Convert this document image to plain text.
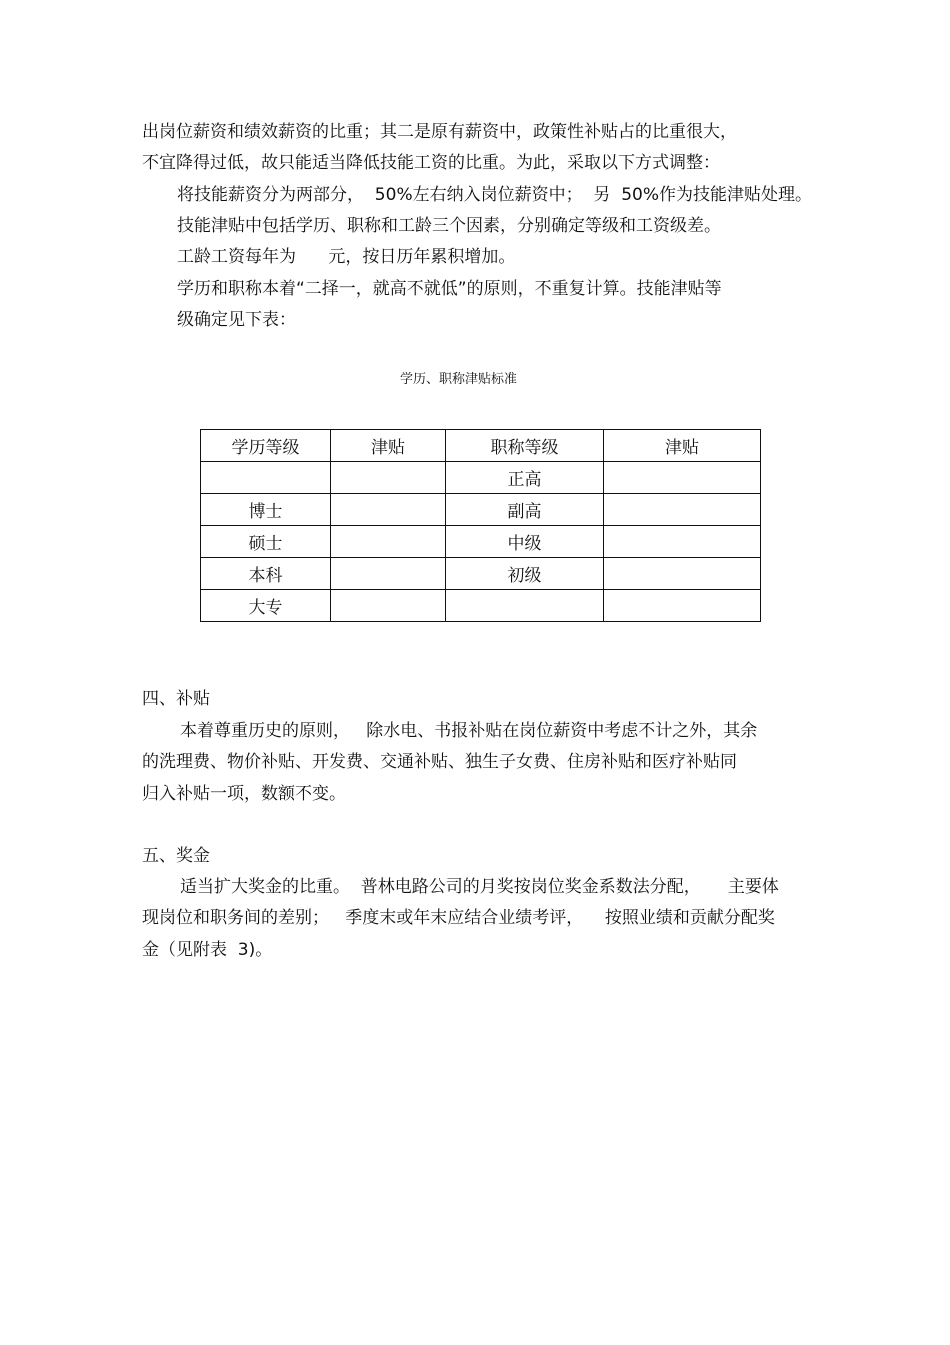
出岗位薪资和绩效薪资的比重；其二是原有薪资中，政策性补贴占的比重很大，
不宜降得过低，故只能适当降低技能工资的比重。为此，采取以下方式调整：
将技能薪资分为两部分，  50%左右纳入岗位薪资中；  另  50%作为技能津贴处理。
技能津贴中包括学历、职称和工龄三个因素，分别确定等级和工资级差。
工龄工资每年为      元，按日历年累积增加。
学历和职称本着“二择一，就高不就低”的原则，不重复计算。技能津贴等
级确定见下表：
学历、职称津贴标准
学历等级	津贴	职称等级	津贴
		正高	
博士		副高	
硕士		中级	
本科		初级	
大专			
四、补贴
本着尊重历史的原则，   除水电、书报补贴在岗位薪资中考虑不计之外，其余
的洗理费、物价补贴、开发费、交通补贴、独生子女费、住房补贴和医疗补贴同
归入补贴一项，数额不变。
五、奖金
适当扩大奖金的比重。  普林电路公司的月奖按岗位奖金系数法分配，     主要体
现岗位和职务间的差别；   季度末或年末应结合业绩考评，    按照业绩和贡献分配奖
金（见附表  3)。
